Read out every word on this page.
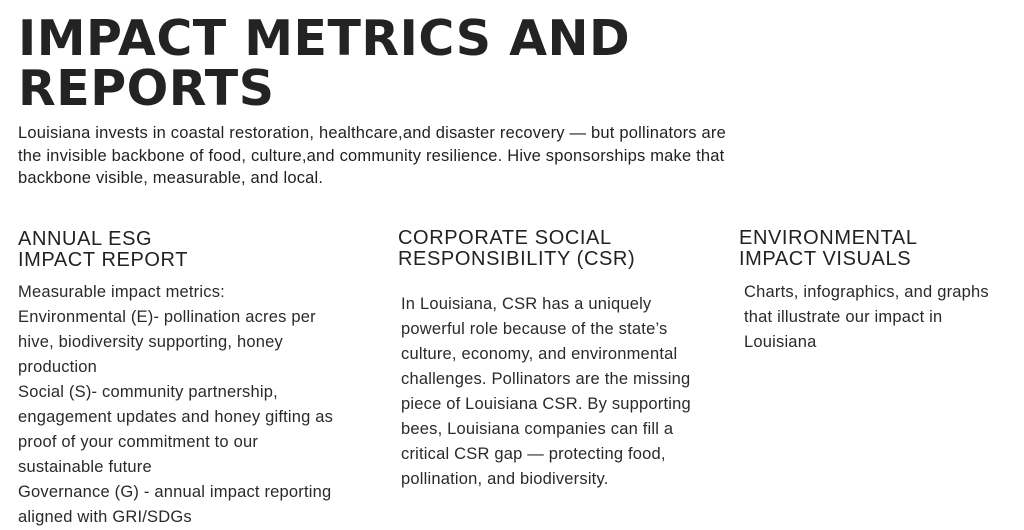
IMPACT METRICS AND REPORTS

Louisiana invests in coastal restoration, healthcare,and disaster recovery — but pollinators are the invisible backbone of food, culture,and community resilience. Hive sponsorships make that backbone visible, measurable, and local.

ANNUAL ESG
IMPACT REPORT
Measurable impact metrics:
Environmental (E)- pollination acres per hive, biodiversity supporting, honey production
Social (S)- community partnership, engagement updates and honey gifting as proof of your commitment to our sustainable future
Governance (G) - annual impact reporting aligned with GRI/SDGs
CORPORATE SOCIAL
RESPONSIBILITY (CSR)

In Louisiana, CSR has a uniquely powerful role because of the state’s culture, economy, and environmental challenges. Pollinators are the missing piece of Louisiana CSR. By supporting bees, Louisiana companies can fill a critical CSR gap — protecting food, pollination, and biodiversity.

ENVIRONMENTAL
IMPACT VISUALS

Charts, infographics, and graphs that illustrate our impact in Louisiana
